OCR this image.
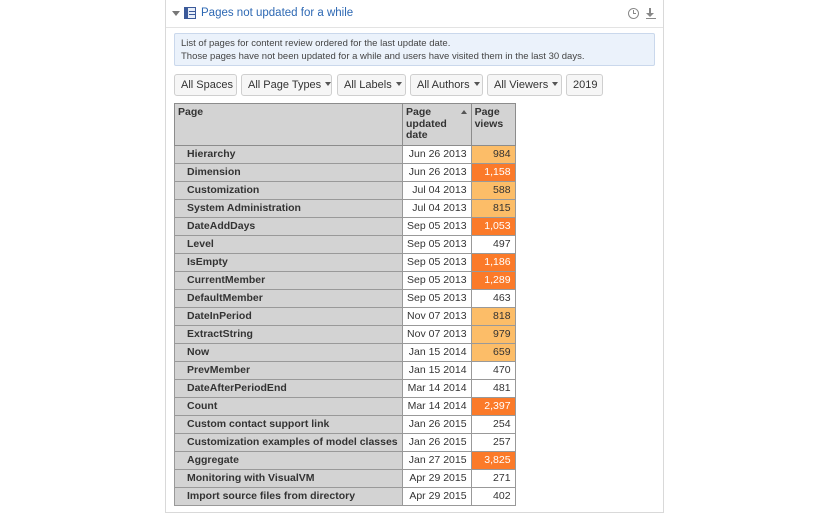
Pages not updated for a while
List of pages for content review ordered for the last update date.
Those pages have not been updated for a while and users have visited them in the last 30 days.
All Spaces	All Page Types	All Labels	All Authors	All Viewers	2019
Page	Page updated date	Page views
Hierarchy	Jun 26 2013	984
Dimension	Jun 26 2013	1,158
Customization	Jul 04 2013	588
System Administration	Jul 04 2013	815
DateAddDays	Sep 05 2013	1,053
Level	Sep 05 2013	497
IsEmpty	Sep 05 2013	1,186
CurrentMember	Sep 05 2013	1,289
DefaultMember	Sep 05 2013	463
DateInPeriod	Nov 07 2013	818
ExtractString	Nov 07 2013	979
Now	Jan 15 2014	659
PrevMember	Jan 15 2014	470
DateAfterPeriodEnd	Mar 14 2014	481
Count	Mar 14 2014	2,397
Custom contact support link	Jan 26 2015	254
Customization examples of model classes	Jan 26 2015	257
Aggregate	Jan 27 2015	3,825
Monitoring with VisualVM	Apr 29 2015	271
Import source files from directory	Apr 29 2015	402
